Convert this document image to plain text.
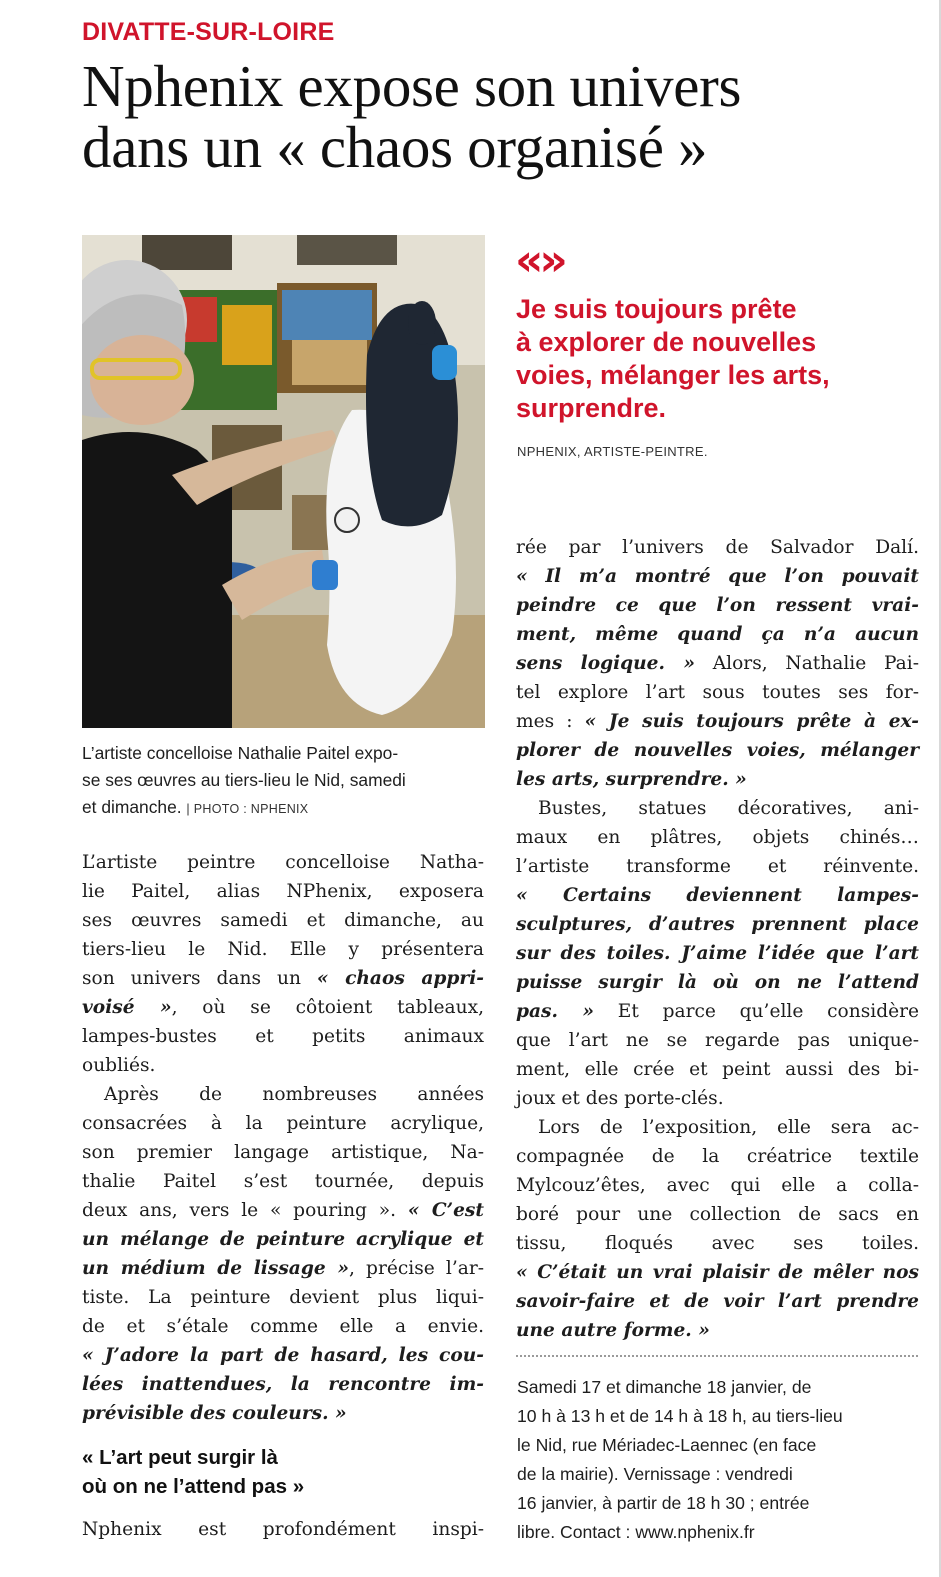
DIVATTE-SUR-LOIRE
Nphenix expose son univers
dans un « chaos organisé »
L’artiste concelloise Nathalie Paitel expo-
se ses œuvres au tiers-lieu le Nid, samedi
et dimanche. | PHOTO : NPHENIX
«»
Je suis toujours prête
à explorer de nouvelles
voies, mélanger les arts,
surprendre.
NPHENIX, ARTISTE-PEINTRE.

L’artiste peintre concelloise Natha-
lie Paitel, alias NPhenix, exposera
ses œuvres samedi et dimanche, au
tiers-lieu le Nid. Elle y présentera
son univers dans un « chaos appri-
voisé », où se côtoient tableaux,
lampes-bustes et petits animaux
oubliés.

Après de nombreuses années
consacrées à la peinture acrylique,
son premier langage artistique, Na-
thalie Paitel s’est tournée, depuis
deux ans, vers le « pouring ». « C’est
un mélange de peinture acrylique et
un médium de lissage », précise l’ar-
tiste. La peinture devient plus liqui-
de et s’étale comme elle a envie.
« J’adore la part de hasard, les cou-
lées inattendues, la rencontre im-
prévisible des couleurs. »

« L’art peut surgir là
où on ne l’attend pas »
Nphenix est profondément inspi-
rée par l’univers de Salvador Dalí.
« Il m’a montré que l’on pouvait
peindre ce que l’on ressent vrai-
ment, même quand ça n’a aucun
sens logique. » Alors, Nathalie Pai-
tel explore l’art sous toutes ses for-
mes : « Je suis toujours prête à ex-
plorer de nouvelles voies, mélanger
les arts, surprendre. »
Bustes, statues décoratives, ani-
maux en plâtres, objets chinés…
l’artiste transforme et réinvente.
« Certains deviennent lampes-
sculptures, d’autres prennent place
sur des toiles. J’aime l’idée que l’art
puisse surgir là où on ne l’attend
pas. » Et parce qu’elle considère
que l’art ne se regarde pas unique-
ment, elle crée et peint aussi des bi-
joux et des porte-clés.
Lors de l’exposition, elle sera ac-
compagnée de la créatrice textile
Mylcouz’êtes, avec qui elle a colla-
boré pour une collection de sacs en
tissu, floqués avec ses toiles.
« C’était un vrai plaisir de mêler nos
savoir-faire et de voir l’art prendre
une autre forme. »
Samedi 17 et dimanche 18 janvier, de
10 h à 13 h et de 14 h à 18 h, au tiers-lieu
le Nid, rue Mériadec-Laennec (en face
de la mairie). Vernissage : vendredi
16 janvier, à partir de 18 h 30 ; entrée
libre. Contact : www.nphenix.fr
